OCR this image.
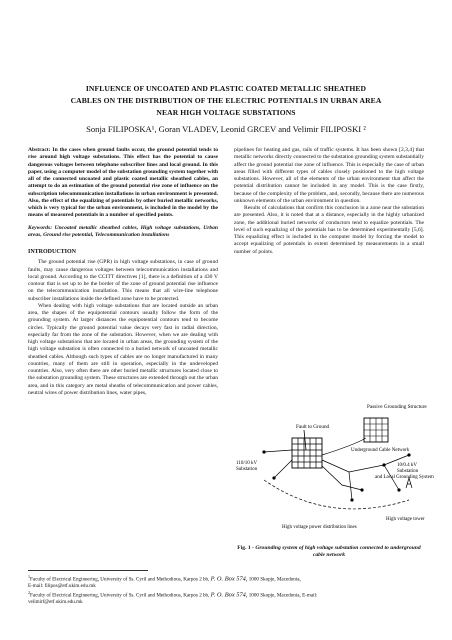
INFLUENCE OF UNCOATED AND PLASTIC COATED METALLIC SHEATHED
CABLES ON THE DISTRIBUTION OF THE ELECTRIC POTENTIALS IN URBAN AREA
NEAR HIGH VOLTAGE SUBSTATIONS
Sonja FILIPOSKA¹, Goran VLADEV, Leonid GRCEV and Velimir FILIPOSKI ²

Abstract: In the cases when ground faults occur, the ground potential tends to rise around high voltage substations. This effect has the potential to cause dangerous voltages between telephone subscriber lines and local ground. In this paper, using a computer model of the substation grounding system together with all of the connected uncoated and plastic coated metallic sheathed cables, an attempt to do an estimation of the ground potential rise zone of influence on the subscription telecommunication installations in urban environment is presented. Also, the effect of the equalizing of potentials by other buried metallic networks, which is very typical for the urban environment, is included in the model by the means of measured potentials in a number of specified points.

Keywords: Uncoated metallic sheathed cables, High voltage substations, Urban areas, Ground rise potential, Telecommunication installations

INTRODUCTION

The ground potential rise (GPR) in high voltage substations, in case of ground faults, may cause dangerous voltages between telecommunication installations and local ground. According to the CCITT directives [1], there is a definition of a 430 V contour that is set up to be the border of the zone of ground potential rise influence on the telecommunication installation. This means that all wire-line telephone subscriber installations inside the defined zone have to be protected.

When dealing with high voltage substations that are located outside an urban area, the shapes of the equipotential contours usually follow the form of the grounding system. At larger distances the equipotential contours tend to become circles. Typically the ground potential value decays very fast in radial direction, especially far from the zone of the substation. However, when we are dealing with high voltage substations that are located in urban areas, the grounding system of the high voltage substation is often connected to a buried network of uncoated metallic sheathed cables. Although such types of cables are no longer manufactured in many countries, many of them are still in operation, especially in the undeveloped countries. Also, very often there are other buried metallic structures located close to the substation grounding system. These structures are extended through out the urban area, and in this category are metal sheaths of telecommunication and power cables, neutral wires of power distribution lines, water pipes,

pipelines for heating and gas, rails of traffic systems. It has been shown [2,3,4] that metallic networks directly connected to the substation grounding system substantially affect the ground potential rise zone of influence. This is especially the case of urban areas filled with different types of cables closely positioned to the high voltage substations. However, all of the elements of the urban environment that affect the potential distribution cannot be included in any model. This is the case firstly, because of the complexity of the problem, and, secondly, because there are numerous unknown elements of the urban environment in question.

Results of calculations that confirm this conclusion in a zone near the substation are presented. Also, it is noted that at a distance, especially in the highly urbanized zone, the additional buried networks of conductors tend to equalize potentials. The level of such equalizing of the potentials has to be determined experimentally [5,6]. This equalizing effect is included in the computer model by forcing the model to accept equalizing of potentials in extent determined by measurements in a small number of points.

Fault to Ground
Passive Grounding Structure
Underground Cable Network
110/10 kV Substation
10/0.4 kV Substation and Local Grounding System
High voltage tower
High voltage power distribution lines
Fig. 1 - Grounding system of high voltage substation connected to underground cable network

$^1$Faculty of Electrical Engineering, University of Ss. Cyril and Methodious, Karpos 2 bb, P. O. Box 574, 1000 Skopje, Macedonia,

E-mail: filipos@etf.ukim.edu.mk

$^2$Faculty of Electrical Engineering, University of Ss. Cyril and Methodious, Karpos 2 bb, P. O. Box 574, 1000 Skopje, Macedonia, E-mail:

velimirf@etf.ukim.edu.mk
